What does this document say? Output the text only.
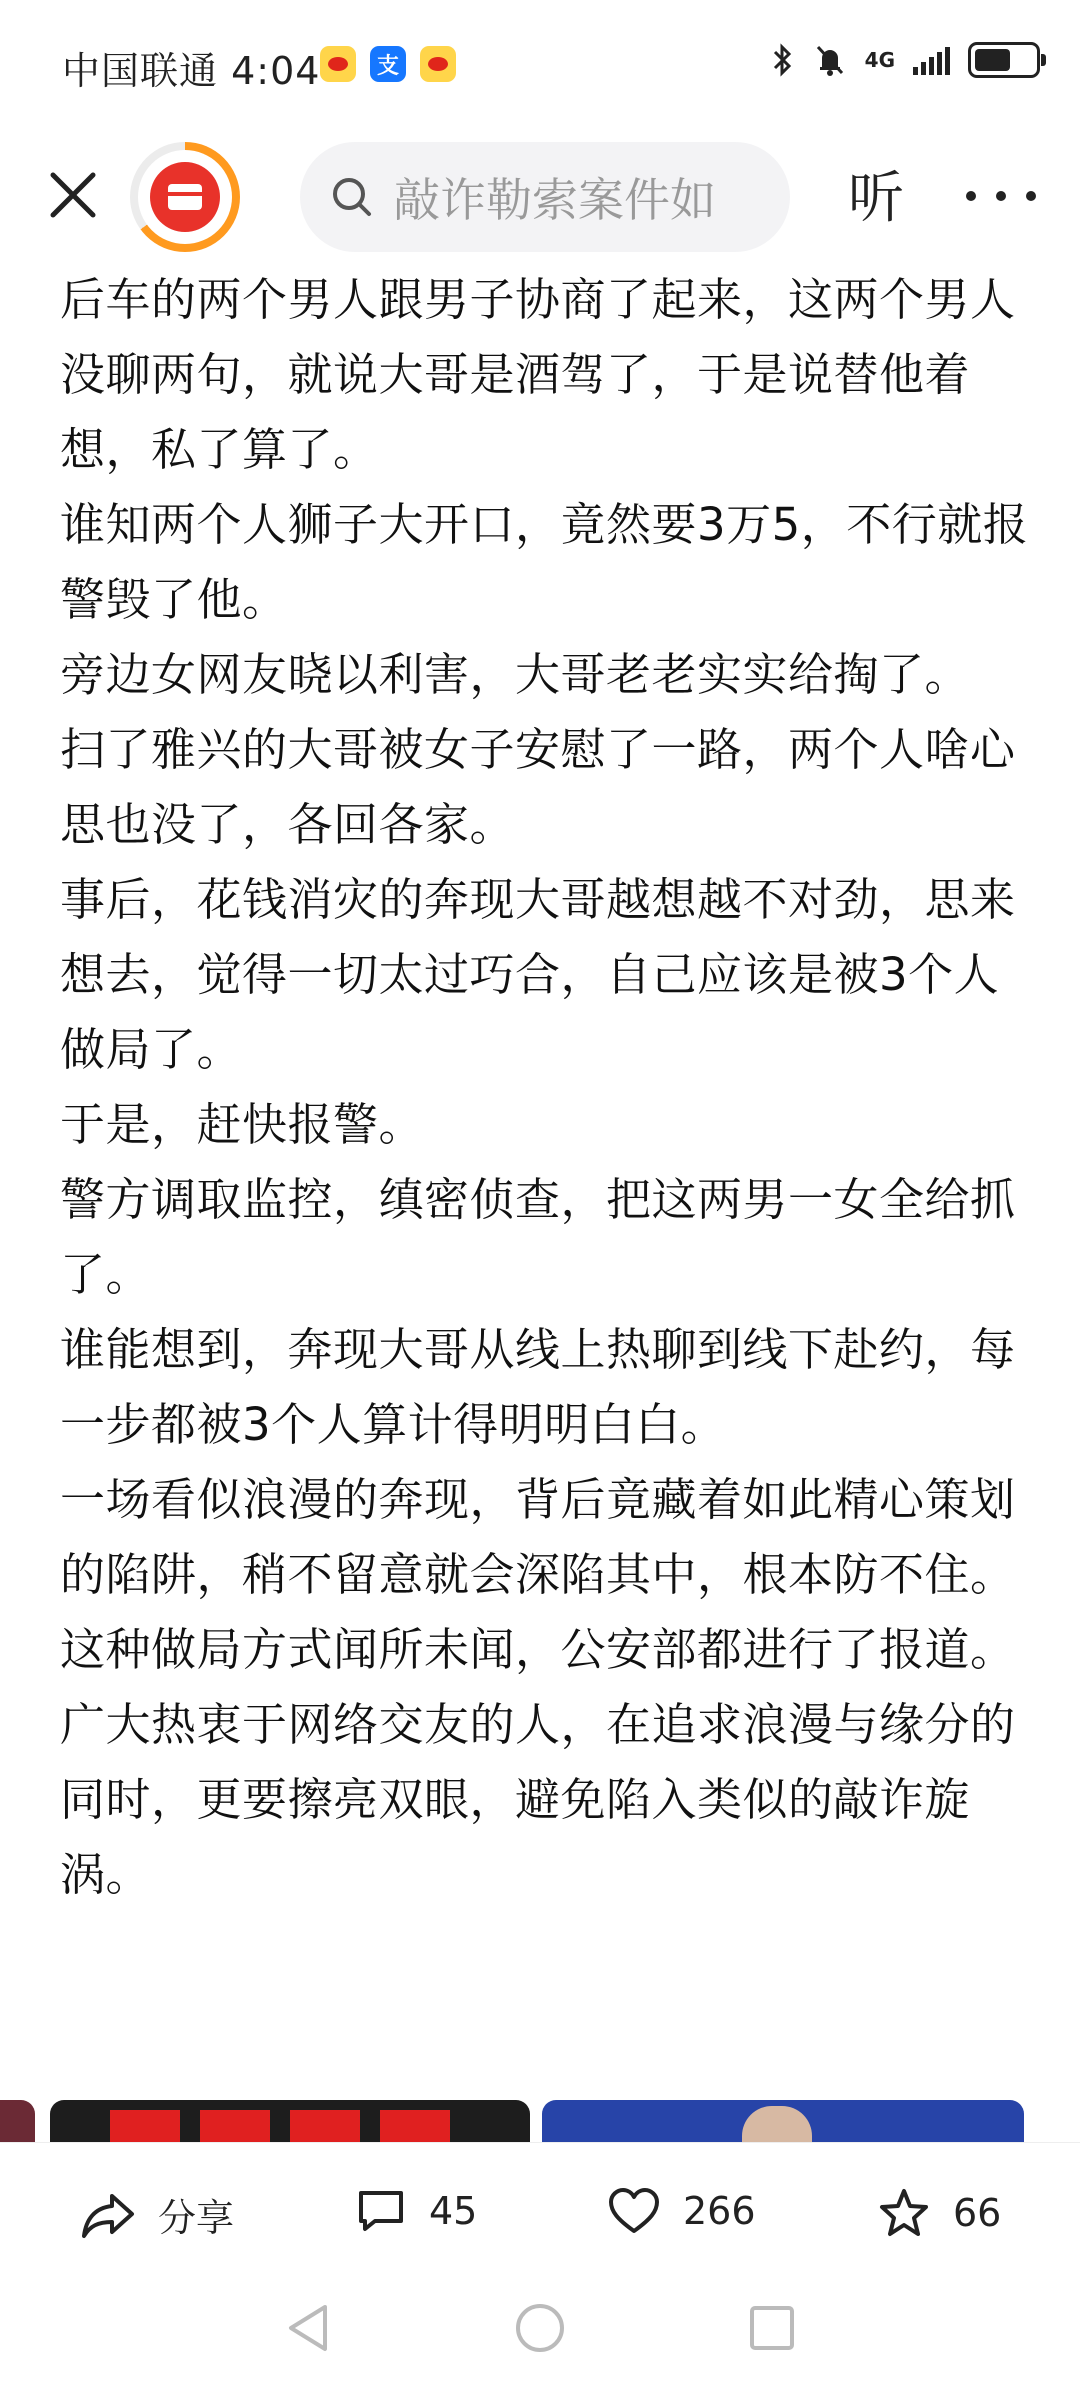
中国联通 4:04	支	4G
敲诈勒索案件如 听

后车的两个男人跟男子协商了起来，这两个男人没聊两句，就说大哥是酒驾了，于是说替他着想，私了算了。

谁知两个人狮子大开口，竟然要3万5，不行就报警毁了他。

旁边女网友晓以利害，大哥老老实实给掏了。

扫了雅兴的大哥被女子安慰了一路，两个人啥心思也没了，各回各家。

事后，花钱消灾的奔现大哥越想越不对劲，思来想去，觉得一切太过巧合，自己应该是被3个人做局了。

于是，赶快报警。

警方调取监控，缜密侦查，把这两男一女全给抓了。

谁能想到，奔现大哥从线上热聊到线下赴约，每一步都被3个人算计得明明白白。

一场看似浪漫的奔现，背后竟藏着如此精心策划的陷阱，稍不留意就会深陷其中，根本防不住。

这种做局方式闻所未闻，公安部都进行了报道。

广大热衷于网络交友的人，在追求浪漫与缘分的同时，更要擦亮双眼，避免陷入类似的敲诈旋涡。

分享	45	266	66
